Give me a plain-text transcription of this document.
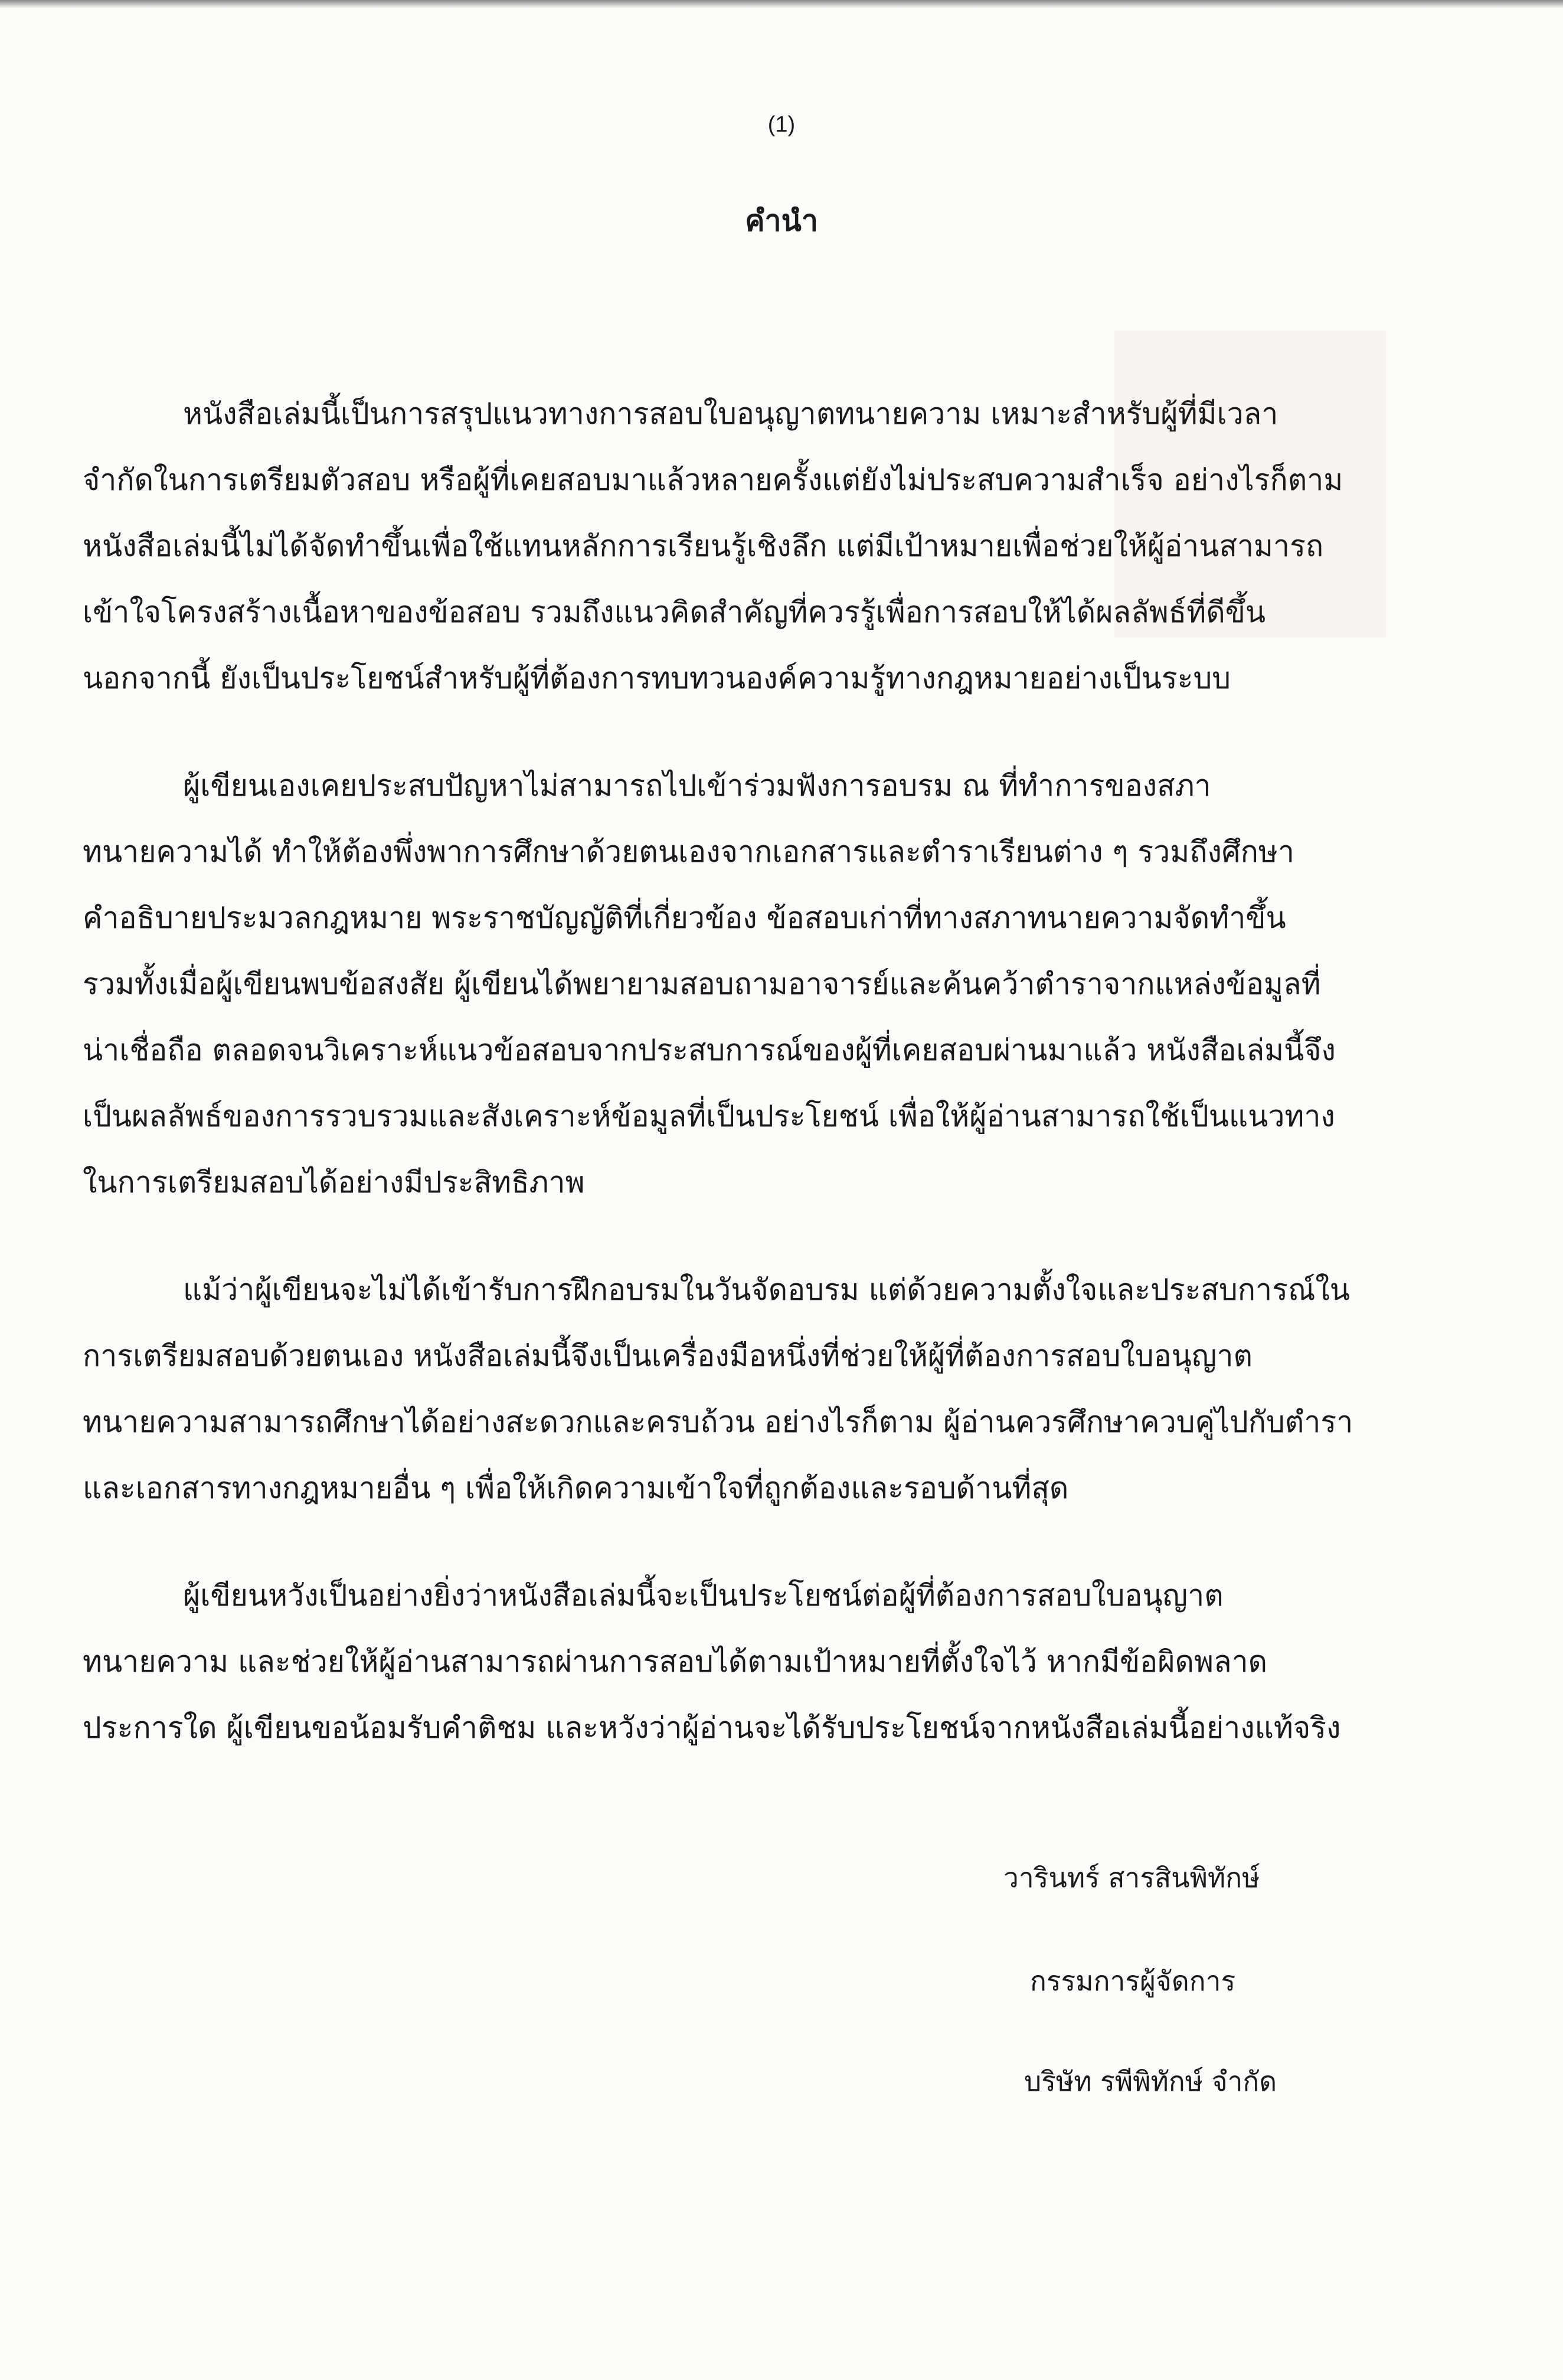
(1)
คำนำ
หนังสือเล่มนี้เป็นการสรุปแนวทางการสอบใบอนุญาตทนายความ เหมาะสำหรับผู้ที่มีเวลา
จำกัดในการเตรียมตัวสอบ หรือผู้ที่เคยสอบมาแล้วหลายครั้งแต่ยังไม่ประสบความสำเร็จ อย่างไรก็ตาม
หนังสือเล่มนี้ไม่ได้จัดทำขึ้นเพื่อใช้แทนหลักการเรียนรู้เชิงลึก แต่มีเป้าหมายเพื่อช่วยให้ผู้อ่านสามารถ
เข้าใจโครงสร้างเนื้อหาของข้อสอบ รวมถึงแนวคิดสำคัญที่ควรรู้เพื่อการสอบให้ได้ผลลัพธ์ที่ดีขึ้น
นอกจากนี้ ยังเป็นประโยชน์สำหรับผู้ที่ต้องการทบทวนองค์ความรู้ทางกฎหมายอย่างเป็นระบบ
ผู้เขียนเองเคยประสบปัญหาไม่สามารถไปเข้าร่วมฟังการอบรม ณ ที่ทำการของสภา
ทนายความได้ ทำให้ต้องพึ่งพาการศึกษาด้วยตนเองจากเอกสารและตำราเรียนต่าง ๆ รวมถึงศึกษา
คำอธิบายประมวลกฎหมาย พระราชบัญญัติที่เกี่ยวข้อง ข้อสอบเก่าที่ทางสภาทนายความจัดทำขึ้น
รวมทั้งเมื่อผู้เขียนพบข้อสงสัย ผู้เขียนได้พยายามสอบถามอาจารย์และค้นคว้าตำราจากแหล่งข้อมูลที่
น่าเชื่อถือ ตลอดจนวิเคราะห์แนวข้อสอบจากประสบการณ์ของผู้ที่เคยสอบผ่านมาแล้ว หนังสือเล่มนี้จึง
เป็นผลลัพธ์ของการรวบรวมและสังเคราะห์ข้อมูลที่เป็นประโยชน์ เพื่อให้ผู้อ่านสามารถใช้เป็นแนวทาง
ในการเตรียมสอบได้อย่างมีประสิทธิภาพ
แม้ว่าผู้เขียนจะไม่ได้เข้ารับการฝึกอบรมในวันจัดอบรม แต่ด้วยความตั้งใจและประสบการณ์ใน
การเตรียมสอบด้วยตนเอง หนังสือเล่มนี้จึงเป็นเครื่องมือหนึ่งที่ช่วยให้ผู้ที่ต้องการสอบใบอนุญาต
ทนายความสามารถศึกษาได้อย่างสะดวกและครบถ้วน อย่างไรก็ตาม ผู้อ่านควรศึกษาควบคู่ไปกับตำรา
และเอกสารทางกฎหมายอื่น ๆ เพื่อให้เกิดความเข้าใจที่ถูกต้องและรอบด้านที่สุด
ผู้เขียนหวังเป็นอย่างยิ่งว่าหนังสือเล่มนี้จะเป็นประโยชน์ต่อผู้ที่ต้องการสอบใบอนุญาต
ทนายความ และช่วยให้ผู้อ่านสามารถผ่านการสอบได้ตามเป้าหมายที่ตั้งใจไว้ หากมีข้อผิดพลาด
ประการใด ผู้เขียนขอน้อมรับคำติชม และหวังว่าผู้อ่านจะได้รับประโยชน์จากหนังสือเล่มนี้อย่างแท้จริง
วารินทร์ สารสินพิทักษ์
กรรมการผู้จัดการ
บริษัท รพีพิทักษ์ จำกัด
